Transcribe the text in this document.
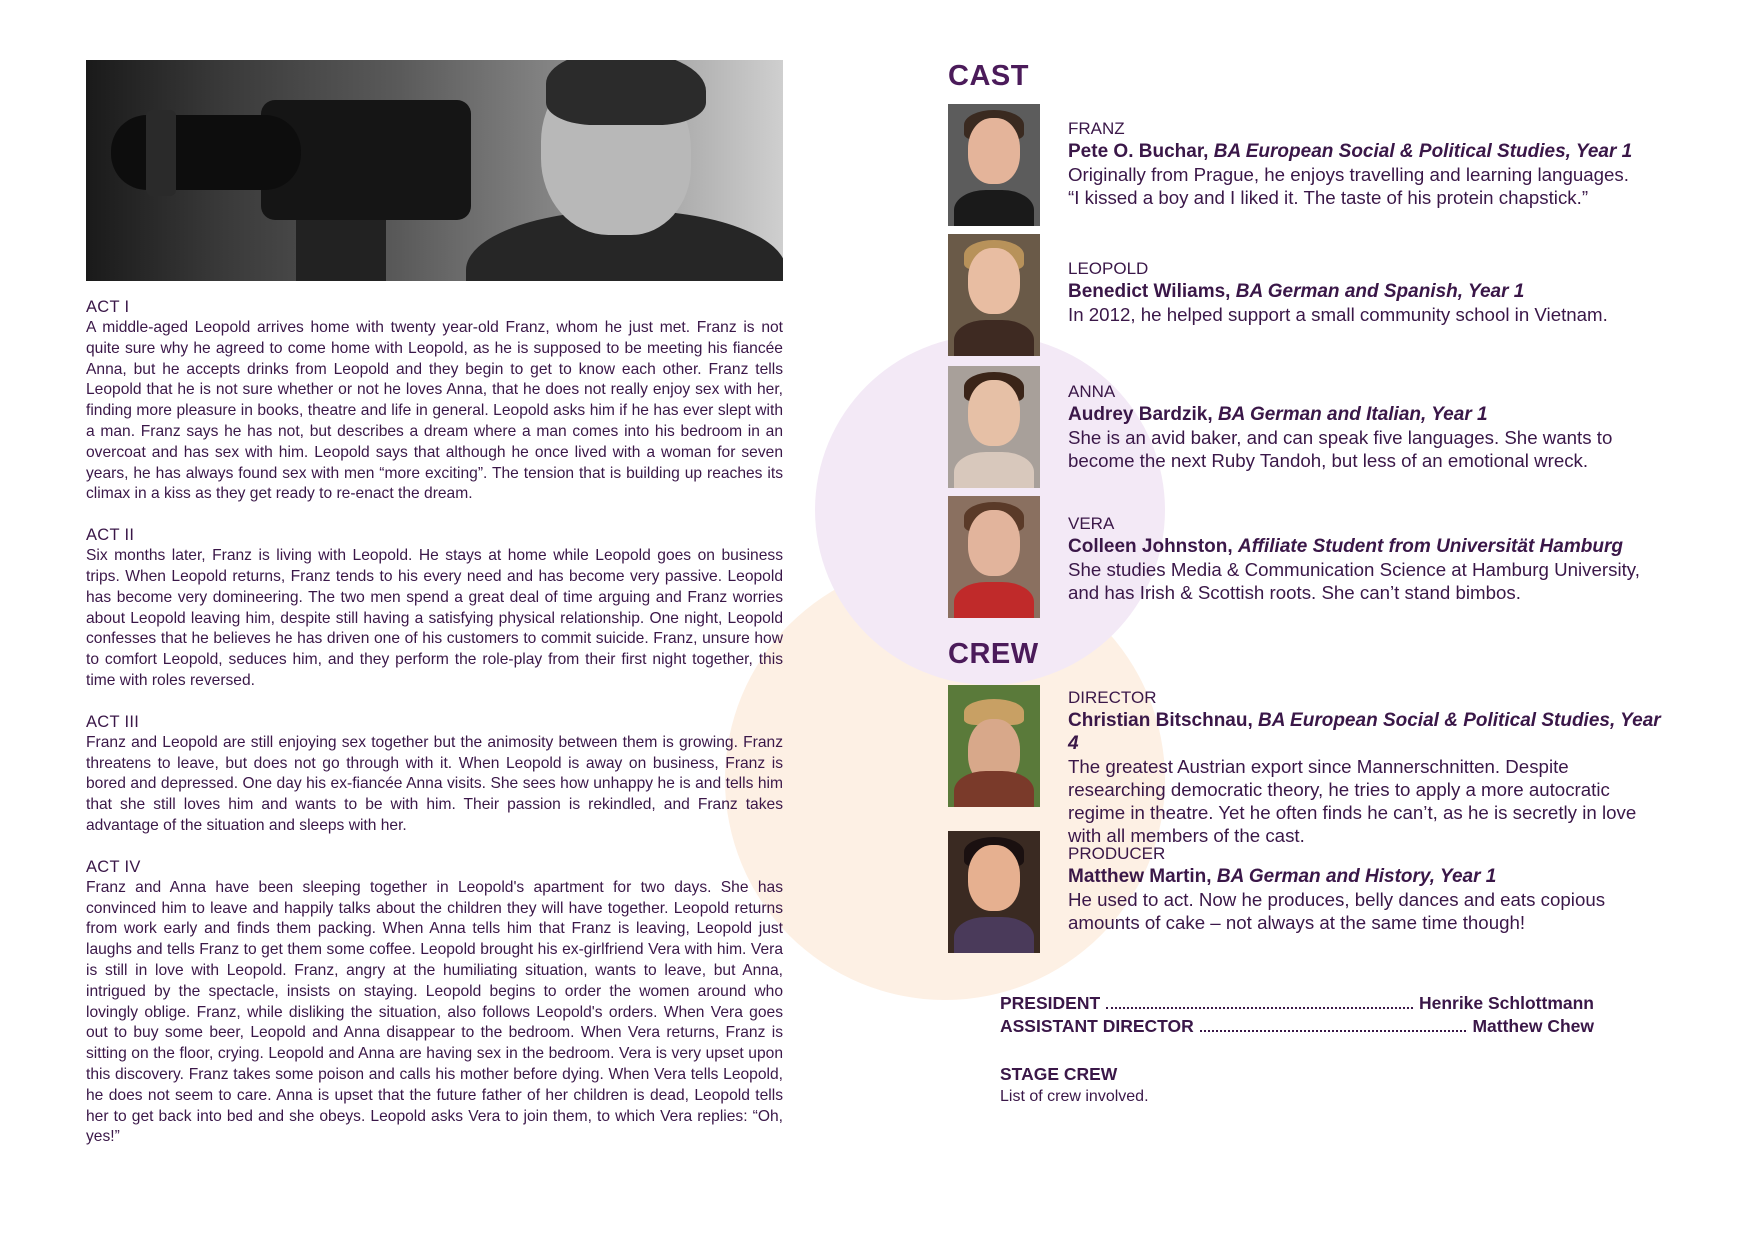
ACT I

A middle-aged Leopold arrives home with twenty year-old Franz, whom he just met. Franz is not quite sure why he agreed to come home with Leopold, as he is supposed to be meeting his fiancée Anna, but he accepts drinks from Leopold and they begin to get to know each other. Franz tells Leopold that he is not sure whether or not he loves Anna, that he does not really enjoy sex with her, finding more pleasure in books, theatre and life in general. Leopold asks him if he has ever slept with a man. Franz says he has not, but describes a dream where a man comes into his bedroom in an overcoat and has sex with him. Leopold says that although he once lived with a woman for seven years, he has always found sex with men “more exciting”. The tension that is building up reaches its climax in a kiss as they get ready to re-enact the dream.

ACT II

Six months later, Franz is living with Leopold. He stays at home while Leopold goes on business trips. When Leopold returns, Franz tends to his every need and has become very passive. Leopold has become very domineering. The two men spend a great deal of time arguing and Franz worries about Leopold leaving him, despite still having a satisfying physical relationship. One night, Leopold confesses that he believes he has driven one of his customers to commit suicide. Franz, unsure how to comfort Leopold, seduces him, and they perform the role-play from their first night together, this time with roles reversed.

ACT III

Franz and Leopold are still enjoying sex together but the animosity between them is growing. Franz threatens to leave, but does not go through with it. When Leopold is away on business, Franz is bored and depressed. One day his ex-fiancée Anna visits. She sees how unhappy he is and tells him that she still loves him and wants to be with him. Their passion is rekindled, and Franz takes advantage of the situation and sleeps with her.

ACT IV

Franz and Anna have been sleeping together in Leopold's apartment for two days. She has convinced him to leave and happily talks about the children they will have together. Leopold returns from work early and finds them packing. When Anna tells him that Franz is leaving, Leopold just laughs and tells Franz to get them some coffee. Leopold brought his ex-girlfriend Vera with him. Vera is still in love with Leopold. Franz, angry at the humiliating situation, wants to leave, but Anna, intrigued by the spectacle, insists on staying. Leopold begins to order the women around who lovingly oblige. Franz, while disliking the situation, also follows Leopold's orders. When Vera goes out to buy some beer, Leopold and Anna disappear to the bedroom. When Vera returns, Franz is sitting on the floor, crying. Leopold and Anna are having sex in the bedroom. Vera is very upset upon this discovery. Franz takes some poison and calls his mother before dying. When Vera tells Leopold, he does not seem to care. Anna is upset that the future father of her children is dead, Leopold tells her to get back into bed and she obeys. Leopold asks Vera to join them, to which Vera replies: “Oh, yes!”

CAST
FRANZ
Pete O. Buchar, BA European Social & Political Studies, Year 1
Originally from Prague, he enjoys travelling and learning languages.
“I kissed a boy and I liked it. The taste of his protein chapstick.”
LEOPOLD
Benedict Wiliams, BA German and Spanish, Year 1
In 2012, he helped support a small community school in Vietnam.
ANNA
Audrey Bardzik, BA German and Italian, Year 1
She is an avid baker, and can speak five languages. She wants to
become the next Ruby Tandoh, but less of an emotional wreck.
VERA
Colleen Johnston, Affiliate Student from Universität Hamburg
She studies Media & Communication Science at Hamburg University,
and has Irish & Scottish roots. She can’t stand bimbos.
CREW
DIRECTOR
Christian Bitschnau, BA European Social & Political Studies, Year 4
The greatest Austrian export since Mannerschnitten. Despite
researching democratic theory, he tries to apply a more autocratic
regime in theatre. Yet he often finds he can’t, as he is secretly in love
with all members of the cast.
PRODUCER
Matthew Martin, BA German and History, Year 1
He used to act. Now he produces, belly dances and eats copious
amounts of cake – not always at the same time though!
PRESIDENT	Henrike Schlottmann
ASSISTANT DIRECTOR	Matthew Chew
STAGE CREW
List of crew involved.
